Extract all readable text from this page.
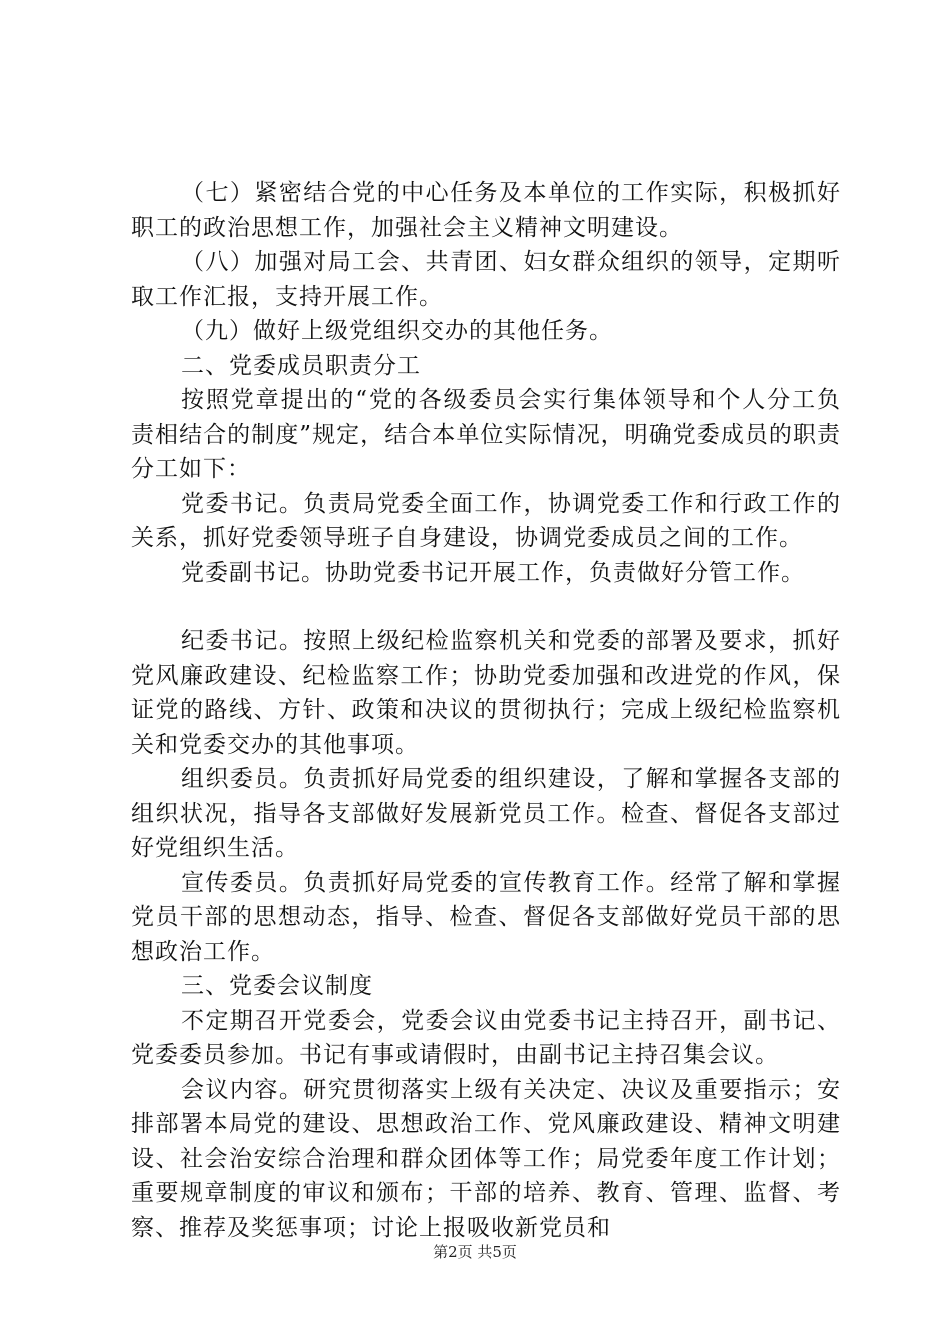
（七）紧密结合党的中心任务及本单位的工作实际，积极抓好职工的政治思想工作，加强社会主义精神文明建设。

（八）加强对局工会、共青团、妇女群众组织的领导，定期听取工作汇报，支持开展工作。

（九）做好上级党组织交办的其他任务。

二、党委成员职责分工

按照党章提出的“党的各级委员会实行集体领导和个人分工负责相结合的制度”规定，结合本单位实际情况，明确党委成员的职责分工如下：

党委书记。负责局党委全面工作，协调党委工作和行政工作的关系，抓好党委领导班子自身建设，协调党委成员之间的工作。

党委副书记。协助党委书记开展工作，负责做好分管工作。

纪委书记。按照上级纪检监察机关和党委的部署及要求，抓好党风廉政建设、纪检监察工作；协助党委加强和改进党的作风，保证党的路线、方针、政策和决议的贯彻执行；完成上级纪检监察机关和党委交办的其他事项。

组织委员。负责抓好局党委的组织建设，了解和掌握各支部的组织状况，指导各支部做好发展新党员工作。检查、督促各支部过好党组织生活。

宣传委员。负责抓好局党委的宣传教育工作。经常了解和掌握党员干部的思想动态，指导、检查、督促各支部做好党员干部的思想政治工作。

三、党委会议制度

不定期召开党委会，党委会议由党委书记主持召开，副书记、党委委员参加。书记有事或请假时，由副书记主持召集会议。

会议内容。研究贯彻落实上级有关决定、决议及重要指示；安排部署本局党的建设、思想政治工作、党风廉政建设、精神文明建设、社会治安综合治理和群众团体等工作；局党委年度工作计划；重要规章制度的审议和颁布；干部的培养、教育、管理、监督、考察、推荐及奖惩事项；讨论上报吸收新党员和

第2页 共5页
